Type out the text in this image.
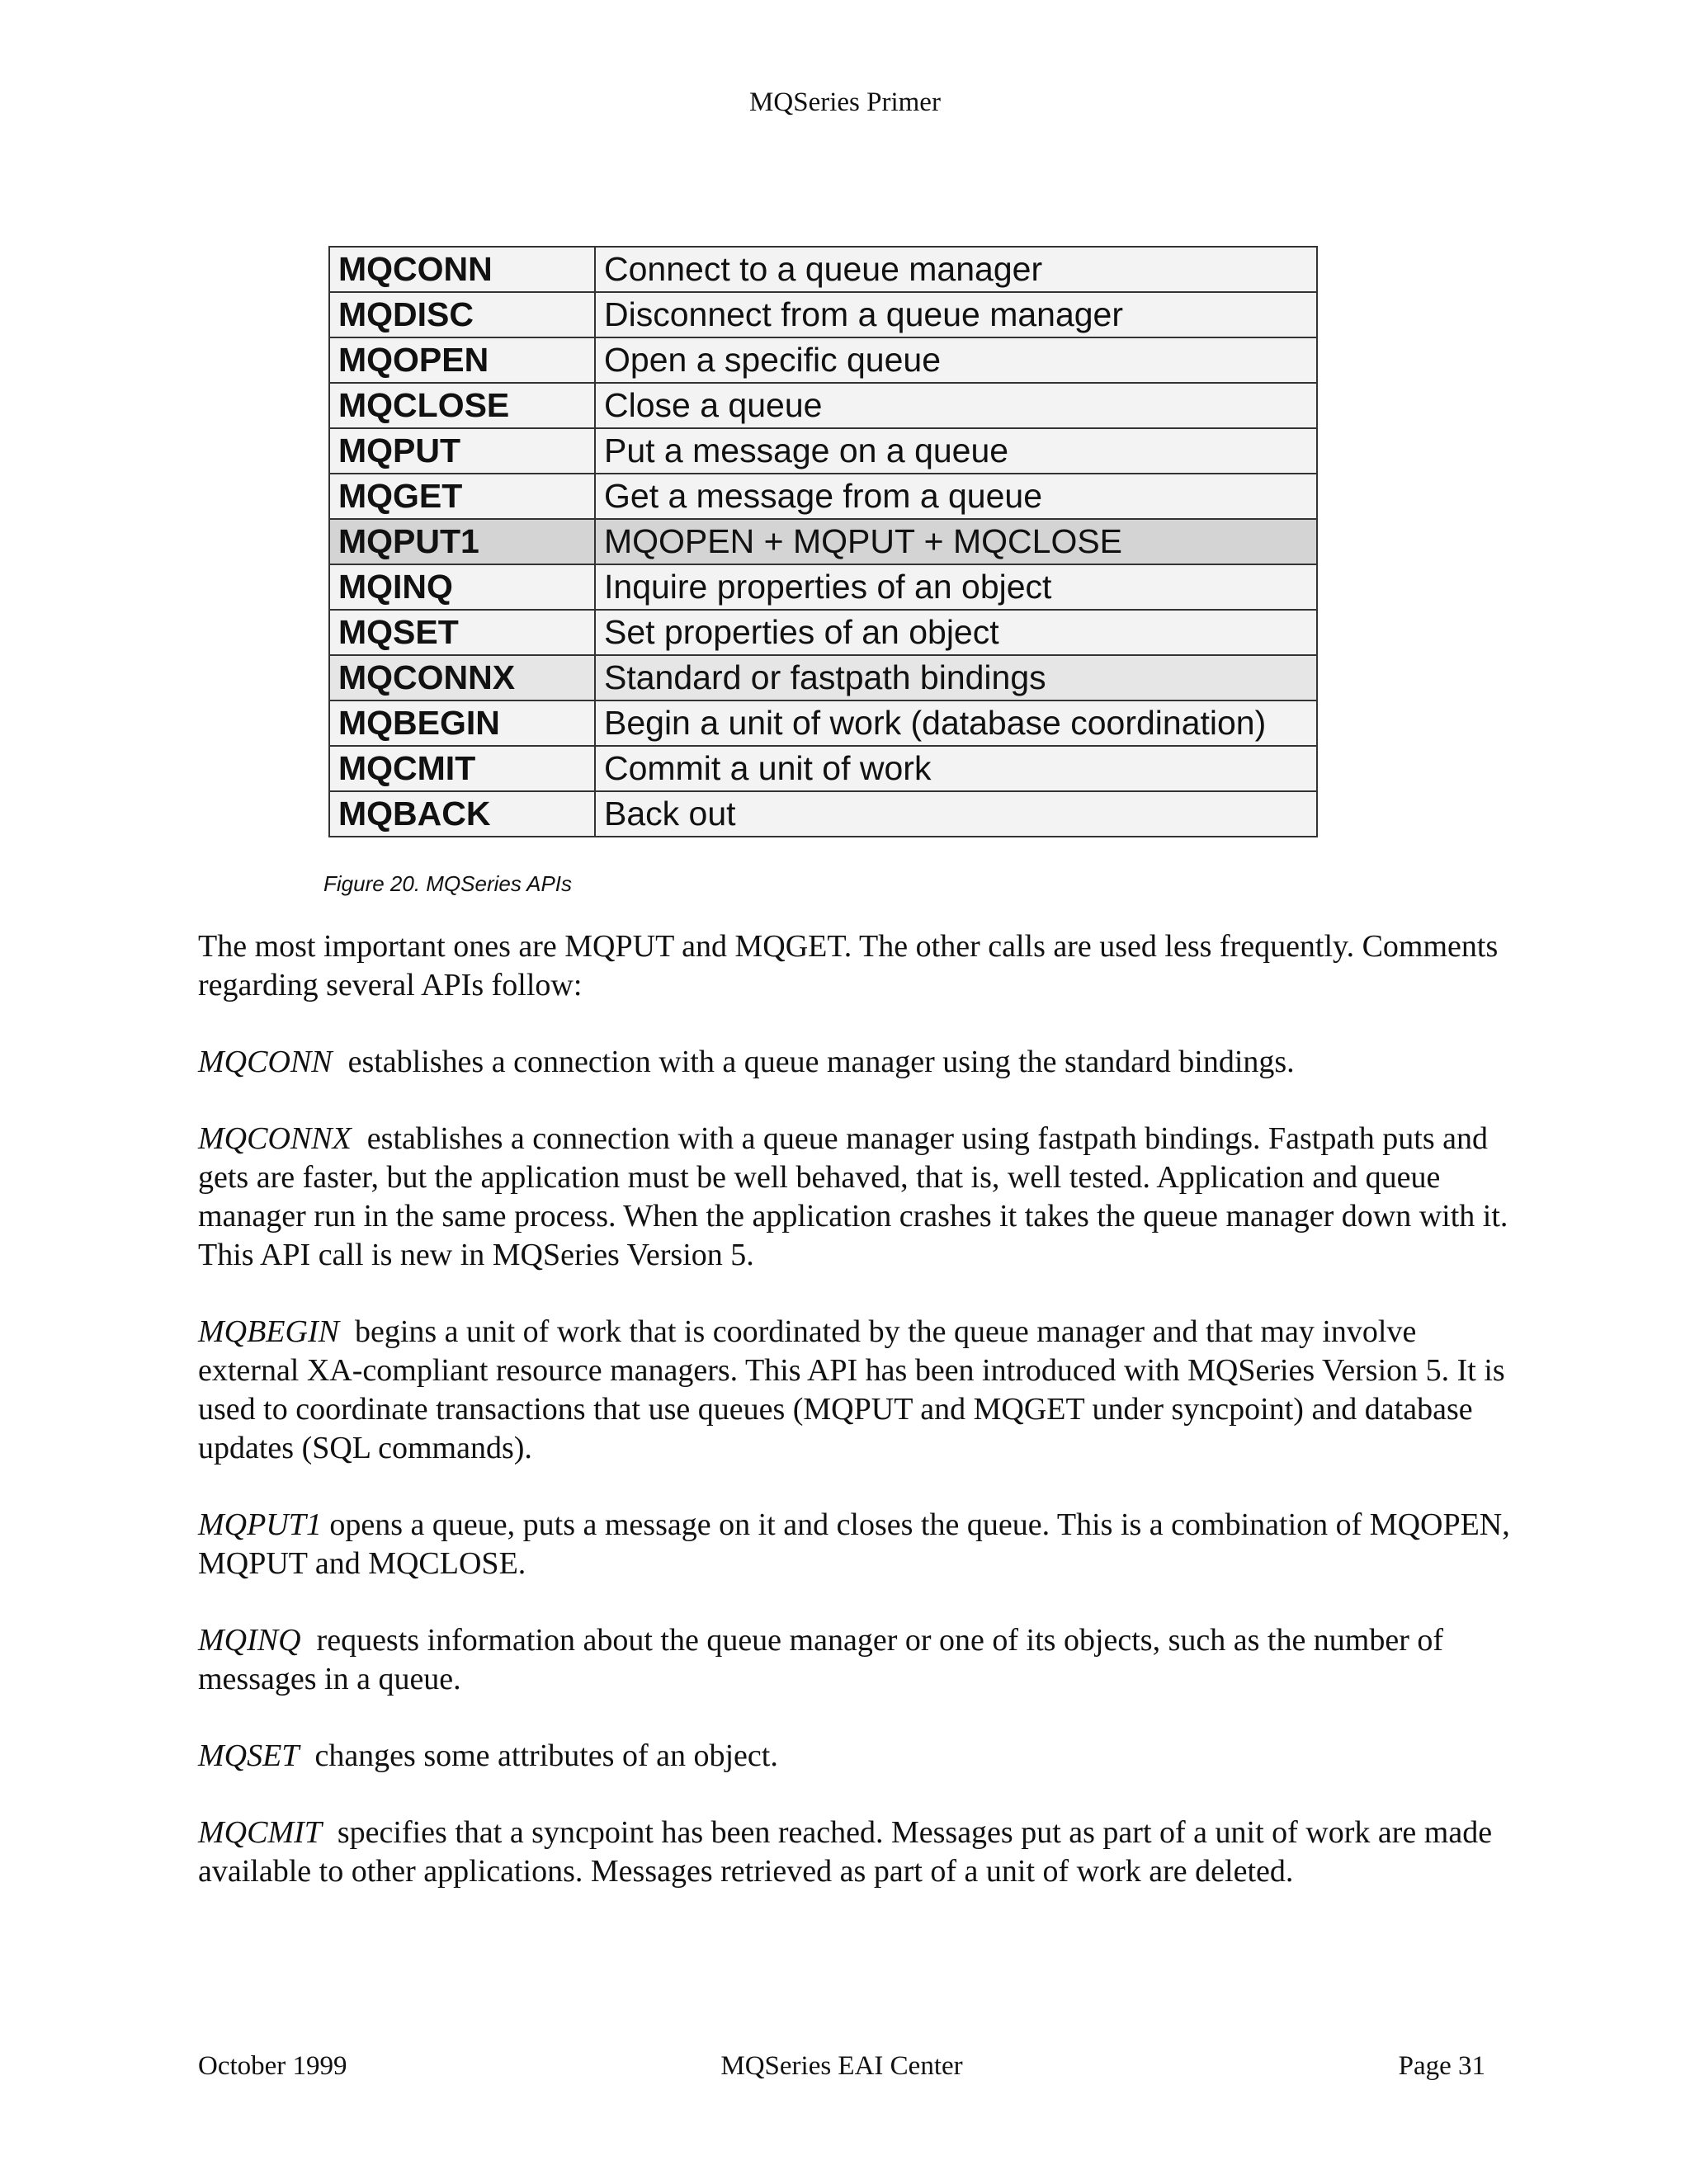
MQSeries Primer
MQCONN	Connect to a queue manager
MQDISC	Disconnect from a queue manager
MQOPEN	Open a specific queue
MQCLOSE	Close a queue
MQPUT	Put a message on a queue
MQGET	Get a message from a queue
MQPUT1	MQOPEN + MQPUT + MQCLOSE
MQINQ	Inquire properties of an object
MQSET	Set properties of an object
MQCONNX	Standard or fastpath bindings
MQBEGIN	Begin a unit of work (database coordination)
MQCMIT	Commit a unit of work
MQBACK	Back out
Figure 20. MQSeries APIs

The most important ones are MQPUT and MQGET. The other calls are used less frequently. Comments regarding several APIs follow:

MQCONN establishes a connection with a queue manager using the standard bindings.

MQCONNX establishes a connection with a queue manager using fastpath bindings. Fastpath puts and gets are faster, but the application must be well behaved, that is, well tested. Application and queue manager run in the same process. When the application crashes it takes the queue manager down with it. This API call is new in MQSeries Version 5.

MQBEGIN begins a unit of work that is coordinated by the queue manager and that may involve external XA-compliant resource managers. This API has been introduced with MQSeries Version 5. It is used to coordinate transactions that use queues (MQPUT and MQGET under syncpoint) and database updates (SQL commands).

MQPUT1 opens a queue, puts a message on it and closes the queue. This is a combination of MQOPEN, MQPUT and MQCLOSE.

MQINQ requests information about the queue manager or one of its objects, such as the number of messages in a queue.

MQSET changes some attributes of an object.

MQCMIT specifies that a syncpoint has been reached. Messages put as part of a unit of work are made available to other applications. Messages retrieved as part of a unit of work are deleted.

October 1999	MQSeries EAI Center	Page 31
